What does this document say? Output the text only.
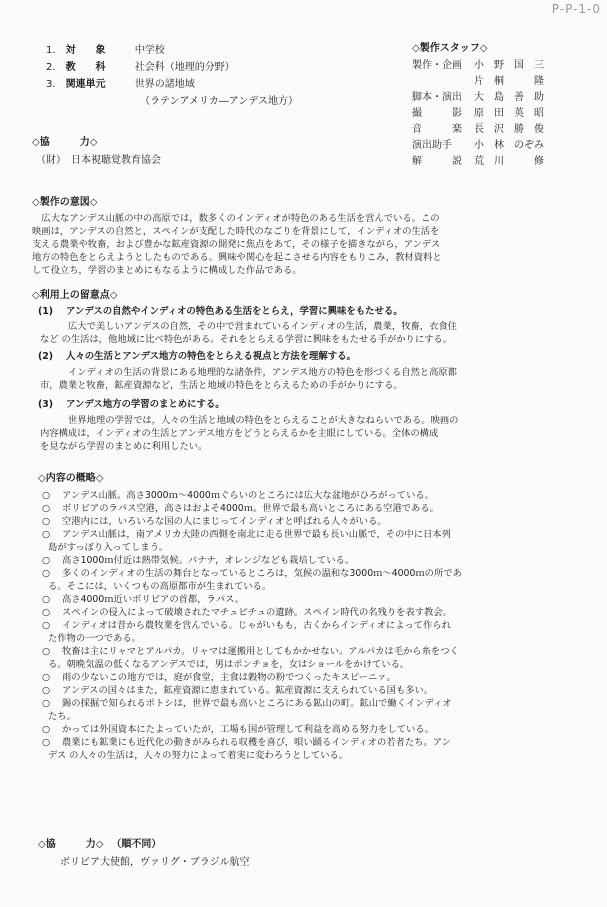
P-P-1-0
1． 対　　象	中学校
2． 教　　科	社会科（地理的分野）
3． 関連単元	世界の諸地域
（ラテンアメリカ―アンデス地方）
◇協　　　力◇
（財）　日本視聴覚教育協会
◇製作スタッフ◇
製作・企画 小　野　国　三
片　桐　　　隆
脚本・演出 大　島　善　助
撮　　　影 原　田　英　昭
音　　　楽 長　沢　勝　俊
演出助手 小　林　のぞみ
解　　　説 荒　川　　　修
◇製作の意図◇
　広大なアンデス山脈の中の高原では，数多くのインディオが特色のある生活を営んでいる。この
映画は，アンデスの自然と，スペインが支配した時代のなごりを背景にして，インディオの生活を
支える農業や牧畜，および豊かな鉱産資源の開発に焦点をあて，その様子を描きながら，アンデス
地方の特色をとらえようとしたものである。興味や関心を起こさせる内容をもりこみ，教材資料と
して役立ち，学習のまとめにもなるように構成した作品である。
◇利用上の留意点◇
(1) アンデスの自然やインディオの特色ある生活をとらえ，学習に興味をもたせる。
広大で美しいアンデスの自然，その中で営まれているインディオの生活，農業，牧畜，衣食住
など の生活は，他地域に比べ特色がある。それをとらえる学習に興味をもたせる手がかりにする。
(2) 人々の生活とアンデス地方の特色をとらえる視点と方法を理解する。
インディオの生活の背景にある地理的な諸条件，アンデス地方の特色を形づくる自然と高原都
市，農業と牧畜，鉱産資源など，生活と地域の特色をとらえるための手がかりにする。
(3) アンデス地方の学習のまとめにする。
世界地理の学習では，人々の生活と地域の特色をとらえることが大きなねらいである。映画の
内容構成は，インディオの生活とアンデス地方をどうとらえるかを主眼にしている。全体の構成
を見ながら学習のまとめに利用したい。
◇内容の概略◇
○ アンデス山脈。高さ3000ｍ～4000ｍぐらいのところには広大な盆地がひろがっている。
○ ボリビアのラパス空港，高さはおよそ4000ｍ。世界で最も高いところにある空港である。
○ 空港内には，いろいろな国の人にまじってインディオと呼ばれる人々がいる。
○ アンデス山脈は，南アメリカ大陸の西側を南北に走る世界で最も長い山脈で，その中に日本列
島がすっぽり入ってしまう。
○ 高さ1000ｍ付近は熱帯気候。バナナ，オレンジなども栽培している。
○ 多くのインディオの生活の舞台となっているところは，気候の温和な3000ｍ～4000ｍの所であ
る。そこには，いくつもの高原都市が生まれている。
○ 高さ4000ｍ近いボリビアの首都，ラパス。
○ スペインの侵入によって破壊されたマチュピチュの遺跡。スペイン時代の名残りを表す教会。
○ インディオは昔から農牧業を営んでいる。じゃがいもも，古くからインディオによって作られ
た作物の一つである。
○ 牧畜は主にリャマとアルパカ。リャマは運搬用としてもかかせない。アルパカは毛から糸をつく
る。朝晩気温の低くなるアンデスでは，男はポンチョを，女はショールをかけている。
○ 雨の少ないこの地方では，庭が食堂，主食は穀物の粉でつくったキスピーニァ。
○ アンデスの国々はまた，鉱産資源に恵まれている。鉱産資源に支えられている国も多い。
○ 錫の採掘で知られるポトシは，世界で最も高いところにある鉱山の町。鉱山で働くインディオ
たち。
○ かっては外国資本にたよっていたが，工場も国が管理して利益を高める努力をしている。
○ 農業にも鉱業にも近代化の動きがみられる収穫を喜び，唄い踊るインディオの若者たち。アン
デス の人々の生活は，人々の努力によって着実に変わろうとしている。
◇協　　　力◇ （順不同）
ボリビア大使館，ヴァリグ・ブラジル航空
